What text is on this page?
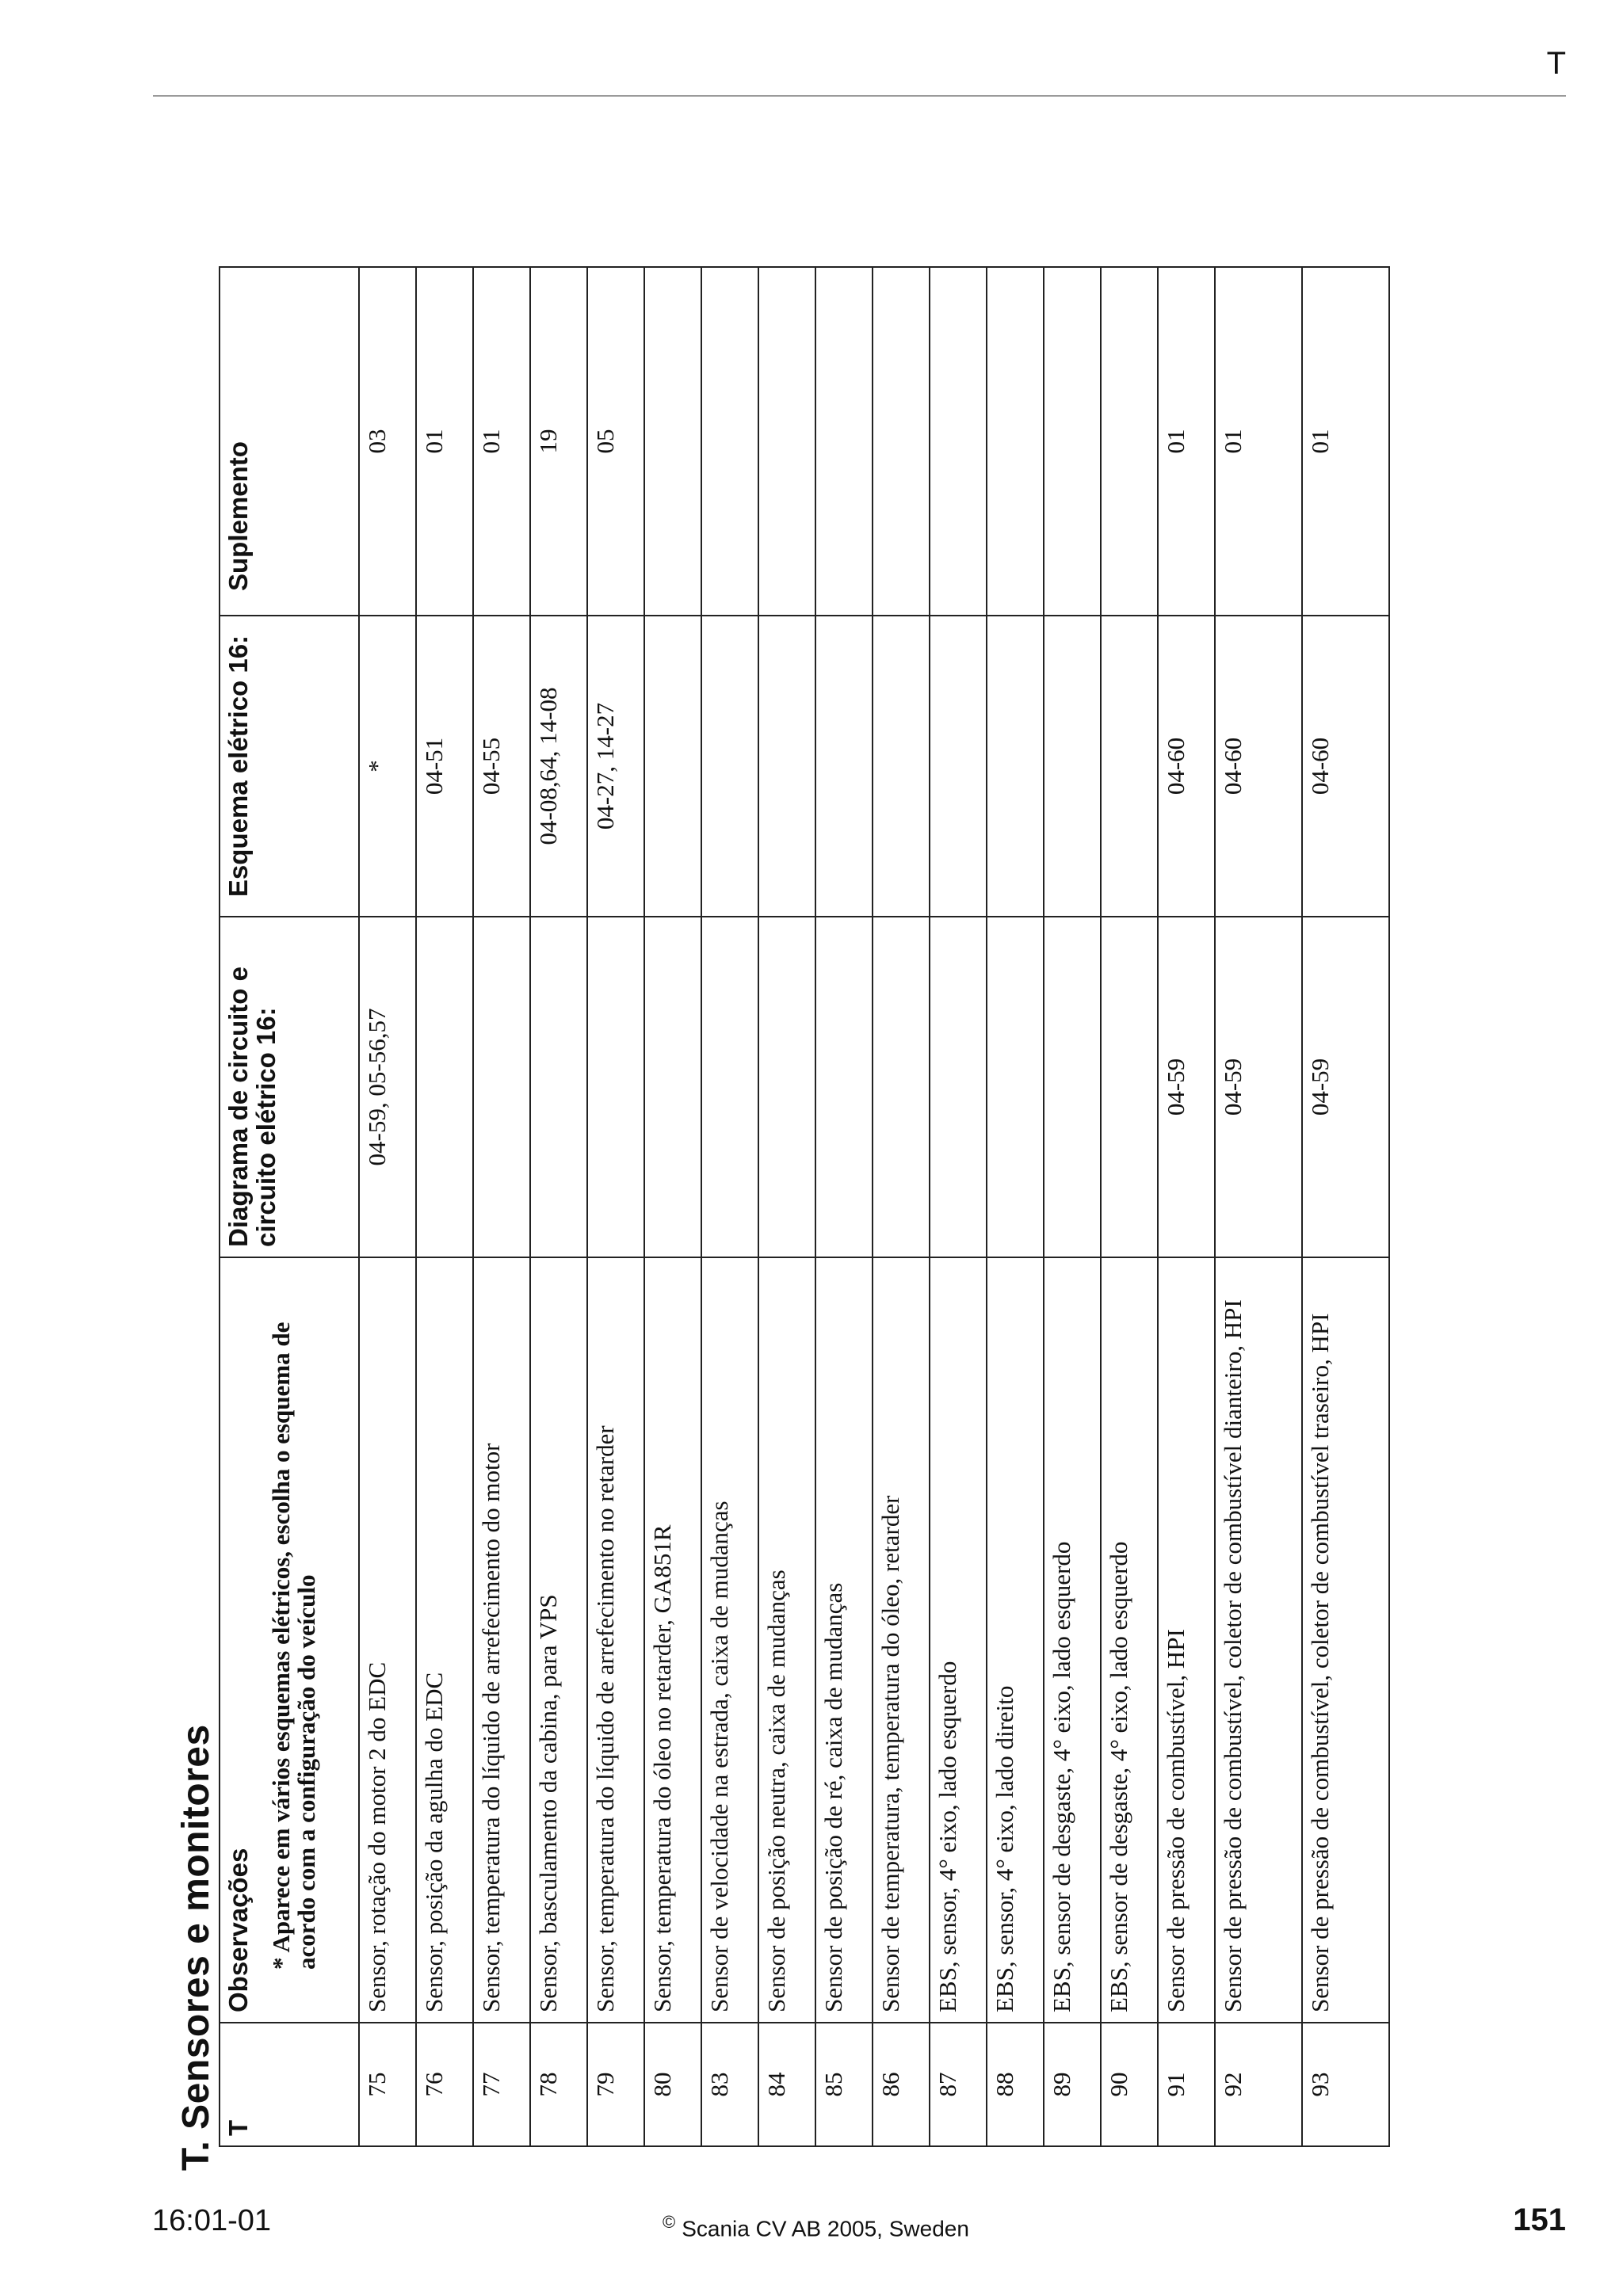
T
T. Sensores e monitores T	Observações * Aparece em vários esquemas elétricos, escolha o esquema de acordo com a configuração do veículo	Diagrama de circuito e circuito elétrico 16:	Esquema elétrico 16:	Suplemento
75	Sensor, rotação do motor 2 do EDC	04-59, 05-56,57	*	03
76	Sensor, posição da agulha do EDC		04-51	01
77	Sensor, temperatura do líquido de arrefecimento do motor		04-55	01
78	Sensor, basculamento da cabina, para VPS		04-08,64, 14-08	19
79	Sensor, temperatura do líquido de arrefecimento no retarder		04-27, 14-27	05
80	Sensor, temperatura do óleo no retarder, GA851R			
83	Sensor de velocidade na estrada, caixa de mudanças			
84	Sensor de posição neutra, caixa de mudanças			
85	Sensor de posição de ré, caixa de mudanças			
86	Sensor de temperatura, temperatura do óleo, retarder			
87	EBS, sensor, 4° eixo, lado esquerdo			
88	EBS, sensor, 4° eixo, lado direito			
89	EBS, sensor de desgaste, 4° eixo, lado esquerdo			
90	EBS, sensor de desgaste, 4° eixo, lado esquerdo			
91	Sensor de pressão de combustível, HPI	04-59	04-60	01
92	Sensor de pressão de combustível, coletor de combustível dianteiro, HPI	04-59	04-60	01
93	Sensor de pressão de combustível, coletor de combustível traseiro, HPI	04-59	04-60	01
16:01-01	© Scania CV AB 2005, Sweden	151
